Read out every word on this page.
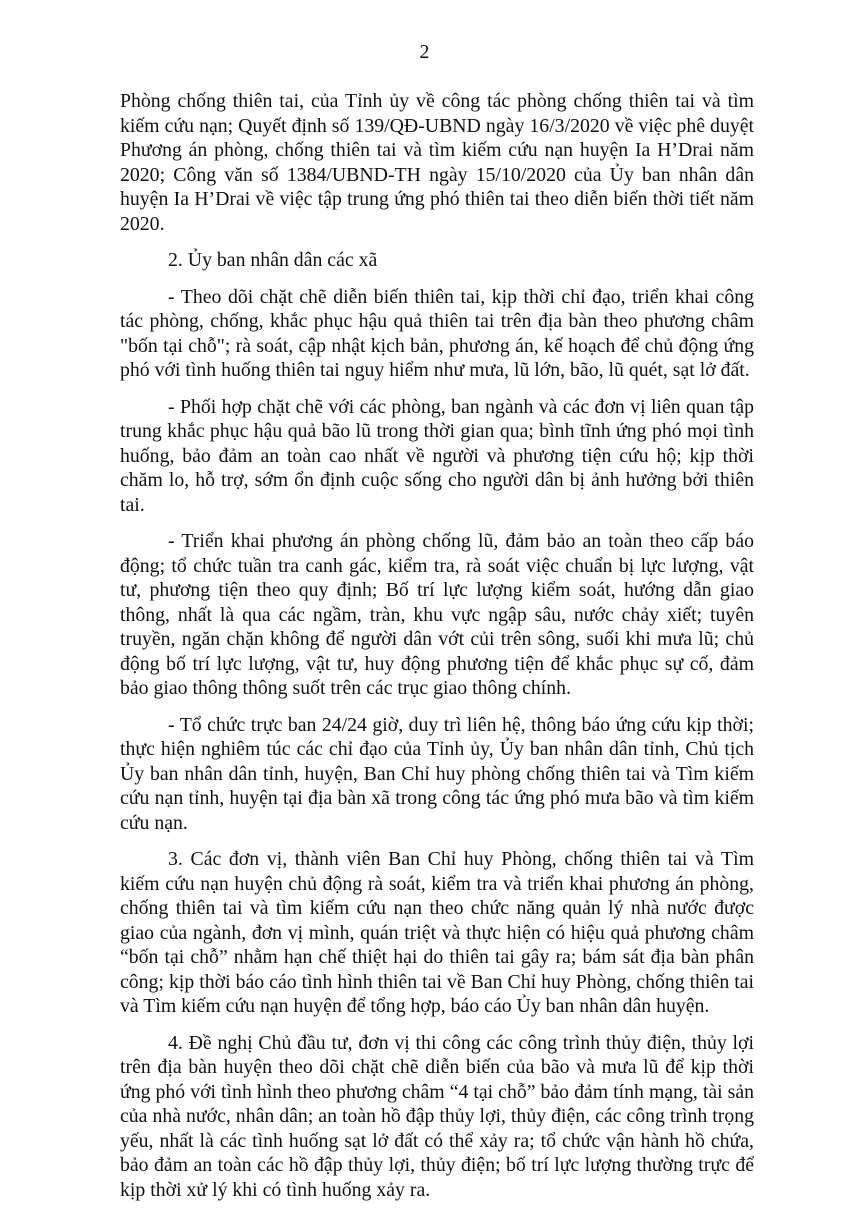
2

Phòng chống thiên tai, của Tỉnh ủy về công tác phòng chống thiên tai và tìm kiếm cứu nạn; Quyết định số 139/QĐ-UBND ngày 16/3/2020 về việc phê duyệt Phương án phòng, chống thiên tai và tìm kiếm cứu nạn huyện Ia H’Drai năm 2020; Công văn số 1384/UBND-TH ngày 15/10/2020 của Ủy ban nhân dân huyện Ia H’Drai về việc tập trung ứng phó thiên tai theo diễn biến thời tiết năm 2020.

2. Ủy ban nhân dân các xã

- Theo dõi chặt chẽ diễn biến thiên tai, kịp thời chỉ đạo, triển khai công tác phòng, chống, khắc phục hậu quả thiên tai trên địa bàn theo phương châm "bốn tại chỗ"; rà soát, cập nhật kịch bản, phương án, kế hoạch để chủ động ứng phó với tình huống thiên tai nguy hiểm như mưa, lũ lớn, bão, lũ quét, sạt lở đất.

- Phối hợp chặt chẽ với các phòng, ban ngành và các đơn vị liên quan tập trung khắc phục hậu quả bão lũ trong thời gian qua; bình tĩnh ứng phó mọi tình huống, bảo đảm an toàn cao nhất về người và phương tiện cứu hộ; kịp thời chăm lo, hỗ trợ, sớm ổn định cuộc sống cho người dân bị ảnh hưởng bởi thiên tai.

- Triển khai phương án phòng chống lũ, đảm bảo an toàn theo cấp báo động; tổ chức tuần tra canh gác, kiểm tra, rà soát việc chuẩn bị lực lượng, vật tư, phương tiện theo quy định; Bố trí lực lượng kiểm soát, hướng dẫn giao thông, nhất là qua các ngầm, tràn, khu vực ngập sâu, nước chảy xiết; tuyên truyền, ngăn chặn không để người dân vớt củi trên sông, suối khi mưa lũ; chủ động bố trí lực lượng, vật tư, huy động phương tiện để khắc phục sự cố, đảm bảo giao thông thông suốt trên các trục giao thông chính.

- Tổ chức trực ban 24/24 giờ, duy trì liên hệ, thông báo ứng cứu kịp thời; thực hiện nghiêm túc các chỉ đạo của Tỉnh ủy, Ủy ban nhân dân tỉnh, Chủ tịch Ủy ban nhân dân tỉnh, huyện, Ban Chỉ huy phòng chống thiên tai và Tìm kiếm cứu nạn tỉnh, huyện tại địa bàn xã trong công tác ứng phó mưa bão và tìm kiếm cứu nạn.

3. Các đơn vị, thành viên Ban Chỉ huy Phòng, chống thiên tai và Tìm kiếm cứu nạn huyện chủ động rà soát, kiểm tra và triển khai phương án phòng, chống thiên tai và tìm kiếm cứu nạn theo chức năng quản lý nhà nước được giao của ngành, đơn vị mình, quán triệt và thực hiện có hiệu quả phương châm “bốn tại chỗ” nhằm hạn chế thiệt hại do thiên tai gây ra; bám sát địa bàn phân công; kịp thời báo cáo tình hình thiên tai về Ban Chỉ huy Phòng, chống thiên tai và Tìm kiếm cứu nạn huyện để tổng hợp, báo cáo Ủy ban nhân dân huyện.

4. Đề nghị Chủ đầu tư, đơn vị thi công các công trình thủy điện, thủy lợi trên địa bàn huyện theo dõi chặt chẽ diễn biến của bão và mưa lũ để kịp thời ứng phó với tình hình theo phương châm “4 tại chỗ” bảo đảm tính mạng, tài sản của nhà nước, nhân dân; an toàn hồ đập thủy lợi, thủy điện, các công trình trọng yếu, nhất là các tình huống sạt lở đất có thể xảy ra; tổ chức vận hành hồ chứa, bảo đảm an toàn các hồ đập thủy lợi, thủy điện; bố trí lực lượng thường trực để kịp thời xử lý khi có tình huống xảy ra.
